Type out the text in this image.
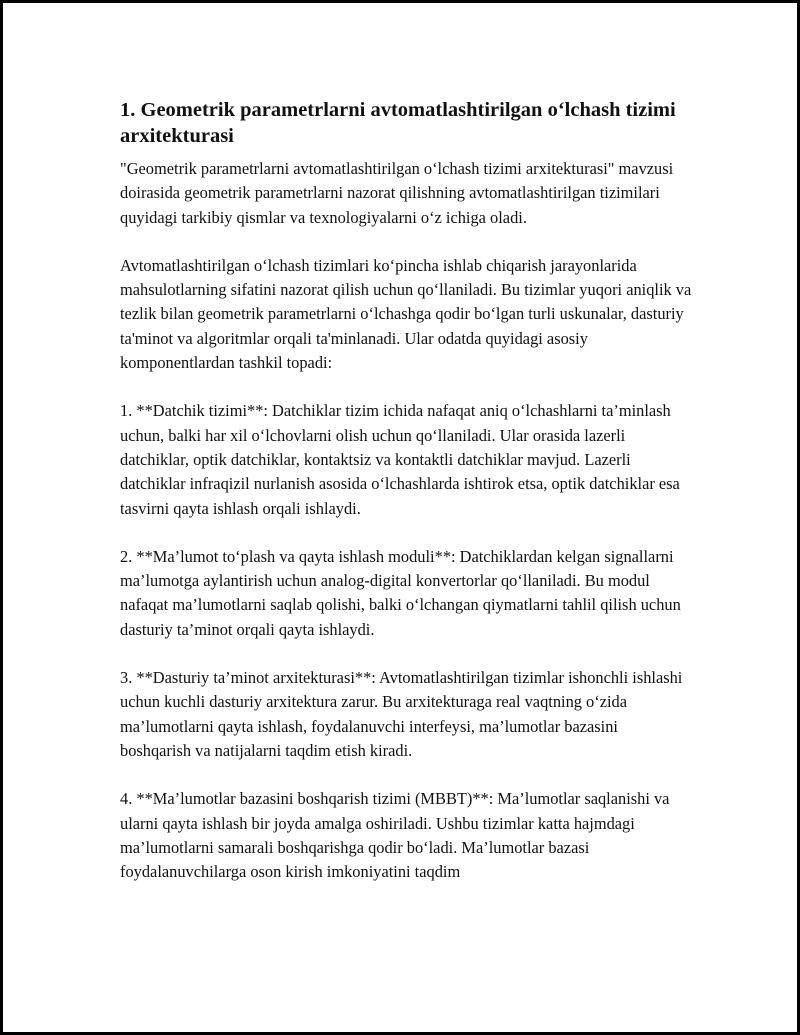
1. Geometrik parametrlarni avtomatlashtirilgan o‘lchash tizimi arxitekturasi

"Geometrik parametrlarni avtomatlashtirilgan o‘lchash tizimi arxitekturasi" mavzusi doirasida geometrik parametrlarni nazorat qilishning avtomatlashtirilgan tizimilari quyidagi tarkibiy qismlar va texnologiyalarni o‘z ichiga oladi.

Avtomatlashtirilgan o‘lchash tizimlari ko‘pincha ishlab chiqarish jarayonlarida mahsulotlarning sifatini nazorat qilish uchun qo‘llaniladi. Bu tizimlar yuqori aniqlik va tezlik bilan geometrik parametrlarni o‘lchashga qodir bo‘lgan turli uskunalar, dasturiy ta'minot va algoritmlar orqali ta'minlanadi. Ular odatda quyidagi asosiy komponentlardan tashkil topadi:

1. **Datchik tizimi**: Datchiklar tizim ichida nafaqat aniq o‘lchashlarni ta’minlash uchun, balki har xil o‘lchovlarni olish uchun qo‘llaniladi. Ular orasida lazerli datchiklar, optik datchiklar, kontaktsiz va kontaktli datchiklar mavjud. Lazerli datchiklar infraqizil nurlanish asosida o‘lchashlarda ishtirok etsa, optik datchiklar esa tasvirni qayta ishlash orqali ishlaydi.

2. **Ma’lumot to‘plash va qayta ishlash moduli**: Datchiklardan kelgan signallarni ma’lumotga aylantirish uchun analog-digital konvertorlar qo‘llaniladi. Bu modul nafaqat ma’lumotlarni saqlab qolishi, balki o‘lchangan qiymatlarni tahlil qilish uchun dasturiy ta’minot orqali qayta ishlaydi.

3. **Dasturiy ta’minot arxitekturasi**: Avtomatlashtirilgan tizimlar ishonchli ishlashi uchun kuchli dasturiy arxitektura zarur. Bu arxitekturaga real vaqtning o‘zida ma’lumotlarni qayta ishlash, foydalanuvchi interfeysi, ma’lumotlar bazasini boshqarish va natijalarni taqdim etish kiradi.

4. **Ma’lumotlar bazasini boshqarish tizimi (MBBT)**: Ma’lumotlar saqlanishi va ularni qayta ishlash bir joyda amalga oshiriladi. Ushbu tizimlar katta hajmdagi ma’lumotlarni samarali boshqarishga qodir bo‘ladi. Ma’lumotlar bazasi foydalanuvchilarga oson kirish imkoniyatini taqdim
